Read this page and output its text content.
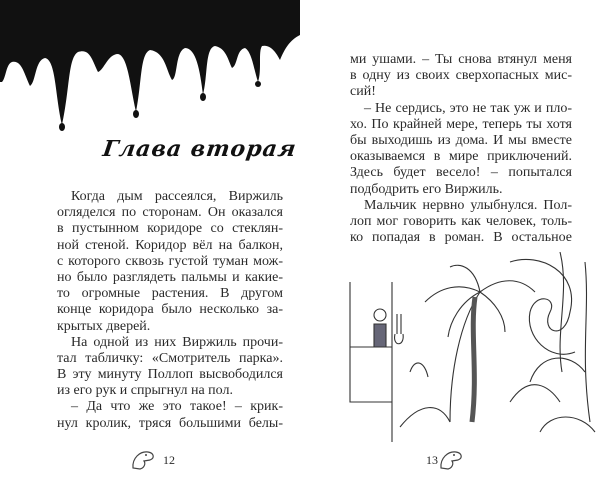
Глава вторая
Когда дым рассеялся, Виржиль
огляделся по сторонам. Он оказался
в пустынном коридоре со стеклян-
ной стеной. Коридор вёл на балкон,
с которого сквозь густой туман мож-
но было разглядеть пальмы и какие-
то огромные растения. В другом
конце коридора было несколько за-
крытых дверей.
На одной из них Виржиль прочи-
тал табличку: «Смотритель парка».
В эту минуту Поллоп высвободился
из его рук и спрыгнул на пол.
– Да что же это такое! – крик-
нул кролик, тряся большими белы-
12
ми ушами. – Ты снова втянул меня
в одну из своих сверхопасных мис-
сий!
– Не сердись, это не так уж и пло-
хо. По крайней мере, теперь ты хотя
бы выходишь из дома. И мы вместе
оказываемся в мире приключений.
Здесь будет весело! – попытался
подбодрить его Виржиль.
Мальчик нервно улыбнулся. Пол-
лоп мог говорить как человек, толь-
ко попадая в роман. В остальное
13
